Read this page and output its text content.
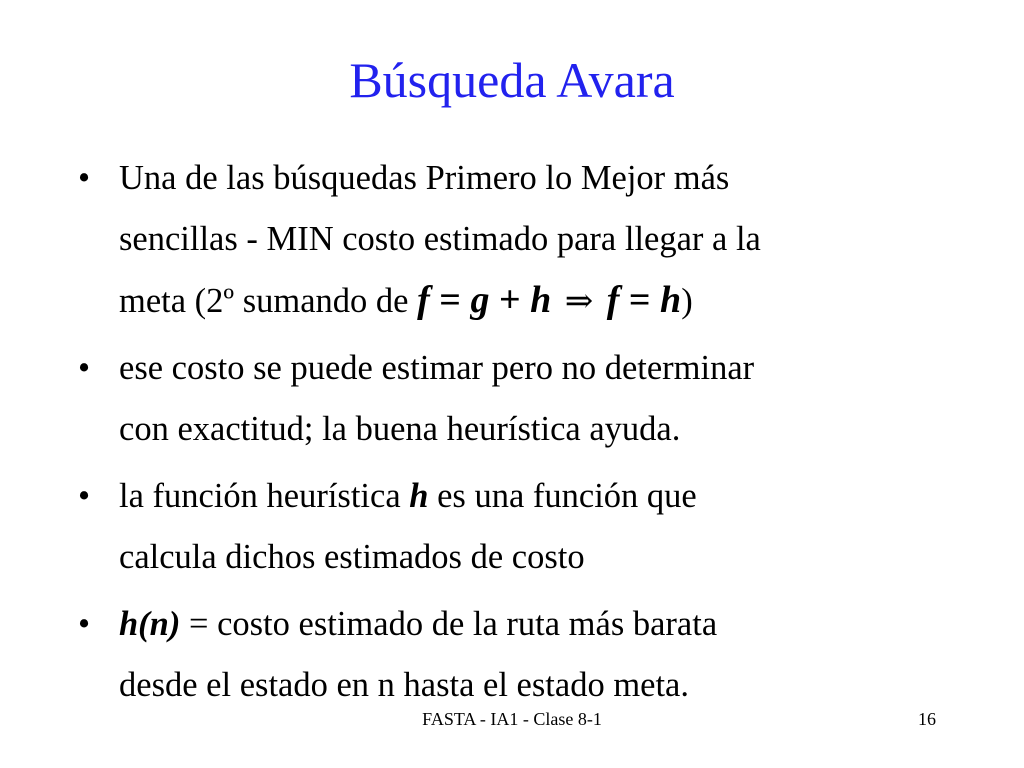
Búsqueda Avara
• Una de las búsquedas Primero lo Mejor más
sencillas - MIN costo estimado para llegar a la
meta (2º sumando de f = g + h ⇒ f = h)
• ese costo se puede estimar pero no determinar
con exactitud; la buena heurística ayuda.
• la función heurística h es una función que
calcula dichos estimados de costo
• h(n) = costo estimado de la ruta más barata
desde el estado en n hasta el estado meta.
FASTA - IA1 - Clase 8-1	16
